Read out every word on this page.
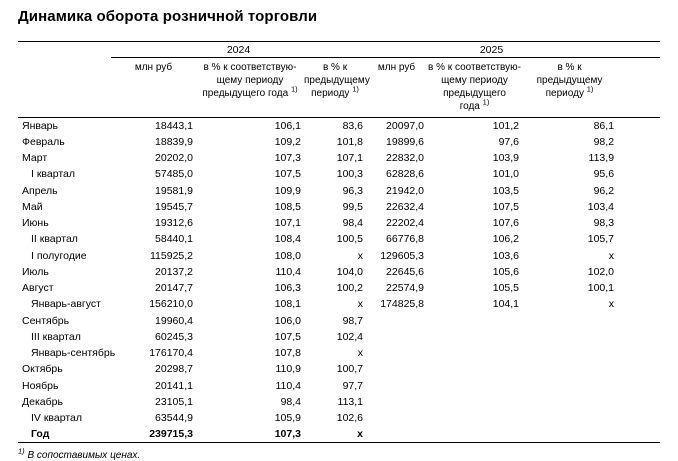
Динамика оборота розничной торговли
	2024			2025			
	млн руб	в % к соответствую-
щему периоду
предыдущего года $^{1)}$	в % к
предыдущему
периоду $^{1)}$	млн руб	в % к соответствую-
щему периоду
предыдущего года $^{1)}$	в % к
предыдущему
периоду $^{1)}$	
Январь	18443,1	106,1	83,6	20097,0	101,2	86,1	
Февраль	18839,9	109,2	101,8	19899,6	97,6	98,2	
Март	20202,0	107,3	107,1	22832,0	103,9	113,9	
I квартал	57485,0	107,5	100,3	62828,6	101,0	95,6	
Апрель	19581,9	109,9	96,3	21942,0	103,5	96,2	
Май	19545,7	108,5	99,5	22632,4	107,5	103,4	
Июнь	19312,6	107,1	98,4	22202,4	107,6	98,3	
II квартал	58440,1	108,4	100,5	66776,8	106,2	105,7	
I полугодие	115925,2	108,0	х	129605,3	103,6	х	
Июль	20137,2	110,4	104,0	22645,6	105,6	102,0	
Август	20147,7	106,3	100,2	22574,9	105,5	100,1	
Январь-август	156210,0	108,1	х	174825,8	104,1	х	
Сентябрь	19960,4	106,0	98,7				
III квартал	60245,3	107,5	102,4				
Январь-сентябрь	176170,4	107,8	х				
Октябрь	20298,7	110,9	100,7				
Ноябрь	20141,1	110,4	97,7				
Декабрь	23105,1	98,4	113,1				
IV квартал	63544,9	105,9	102,6				
Год	239715,3	107,3	х				

$^{1)}$ В сопоставимых ценах.
